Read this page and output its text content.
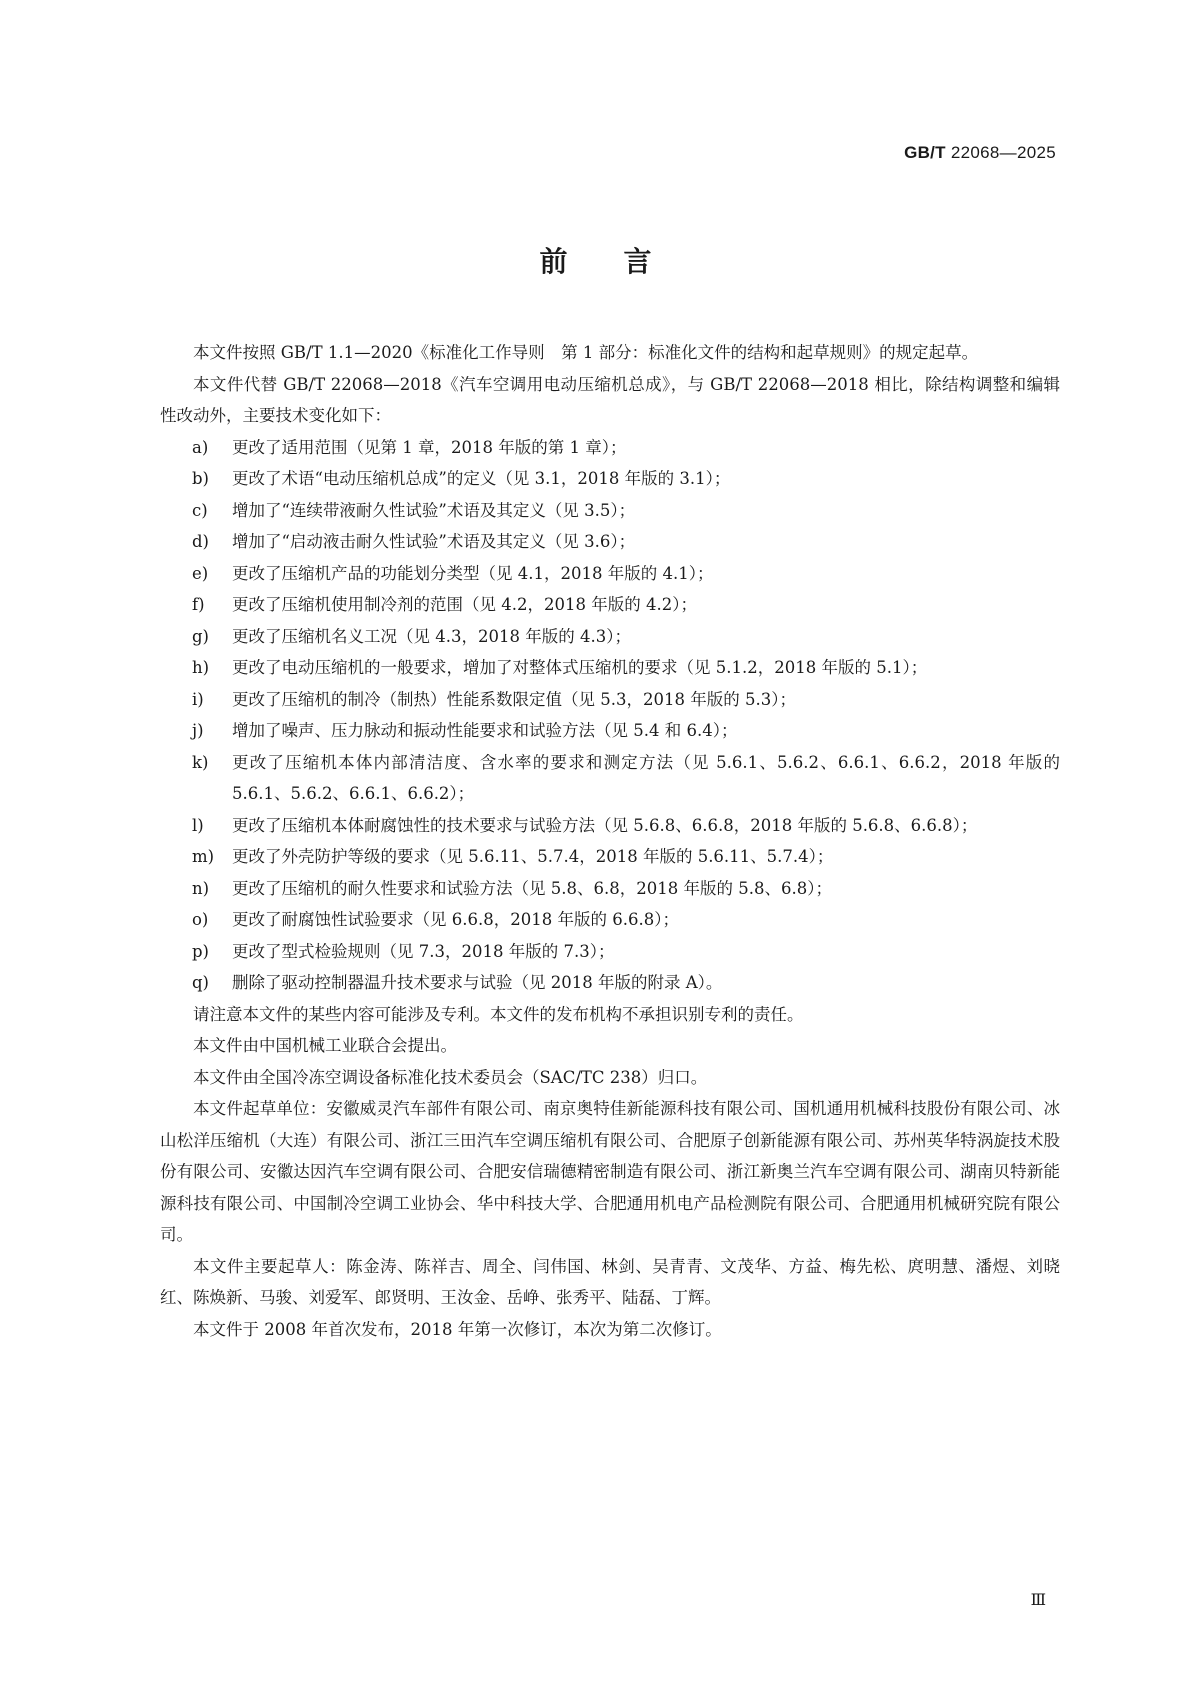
GB/T 22068—2025
前言

本文件按照 GB/T 1.1—2020《标准化工作导则　第 1 部分：标准化文件的结构和起草规则》的规定起草。

本文件代替 GB/T 22068—2018《汽车空调用电动压缩机总成》，与 GB/T 22068—2018 相比，除结构调整和编辑性改动外，主要技术变化如下：

a)	更改了适用范围（见第 1 章，2018 年版的第 1 章）；
b)	更改了术语“电动压缩机总成”的定义（见 3.1，2018 年版的 3.1）；
c)	增加了“连续带液耐久性试验”术语及其定义（见 3.5）；
d)	增加了“启动液击耐久性试验”术语及其定义（见 3.6）；
e)	更改了压缩机产品的功能划分类型（见 4.1，2018 年版的 4.1）；
f)	更改了压缩机使用制冷剂的范围（见 4.2，2018 年版的 4.2）；
g)	更改了压缩机名义工况（见 4.3，2018 年版的 4.3）；
h)	更改了电动压缩机的一般要求，增加了对整体式压缩机的要求（见 5.1.2，2018 年版的 5.1）；
i)	更改了压缩机的制冷（制热）性能系数限定值（见 5.3，2018 年版的 5.3）；
j)	增加了噪声、压力脉动和振动性能要求和试验方法（见 5.4 和 6.4）；
k)	更改了压缩机本体内部清洁度、含水率的要求和测定方法（见 5.6.1、5.6.2、6.6.1、6.6.2，2018 年版的 5.6.1、5.6.2、6.6.1、6.6.2）；
l)	更改了压缩机本体耐腐蚀性的技术要求与试验方法（见 5.6.8、6.6.8，2018 年版的 5.6.8、6.6.8）；
m)	更改了外壳防护等级的要求（见 5.6.11、5.7.4，2018 年版的 5.6.11、5.7.4）；
n)	更改了压缩机的耐久性要求和试验方法（见 5.8、6.8，2018 年版的 5.8、6.8）；
o)	更改了耐腐蚀性试验要求（见 6.6.8，2018 年版的 6.6.8）；
p)	更改了型式检验规则（见 7.3，2018 年版的 7.3）；
q)	删除了驱动控制器温升技术要求与试验（见 2018 年版的附录 A）。

请注意本文件的某些内容可能涉及专利。本文件的发布机构不承担识别专利的责任。

本文件由中国机械工业联合会提出。

本文件由全国冷冻空调设备标准化技术委员会（SAC/TC 238）归口。

本文件起草单位：安徽威灵汽车部件有限公司、南京奥特佳新能源科技有限公司、国机通用机械科技股份有限公司、冰山松洋压缩机（大连）有限公司、浙江三田汽车空调压缩机有限公司、合肥原子创新能源有限公司、苏州英华特涡旋技术股份有限公司、安徽达因汽车空调有限公司、合肥安信瑞德精密制造有限公司、浙江新奥兰汽车空调有限公司、湖南贝特新能源科技有限公司、中国制冷空调工业协会、华中科技大学、合肥通用机电产品检测院有限公司、合肥通用机械研究院有限公司。

本文件主要起草人：陈金涛、陈祥吉、周全、闫伟国、林剑、吴青青、文茂华、方益、梅先松、庹明慧、潘煜、刘晓红、陈焕新、马骏、刘爱军、郎贤明、王汝金、岳峥、张秀平、陆磊、丁辉。

本文件于 2008 年首次发布，2018 年第一次修订，本次为第二次修订。

Ⅲ
